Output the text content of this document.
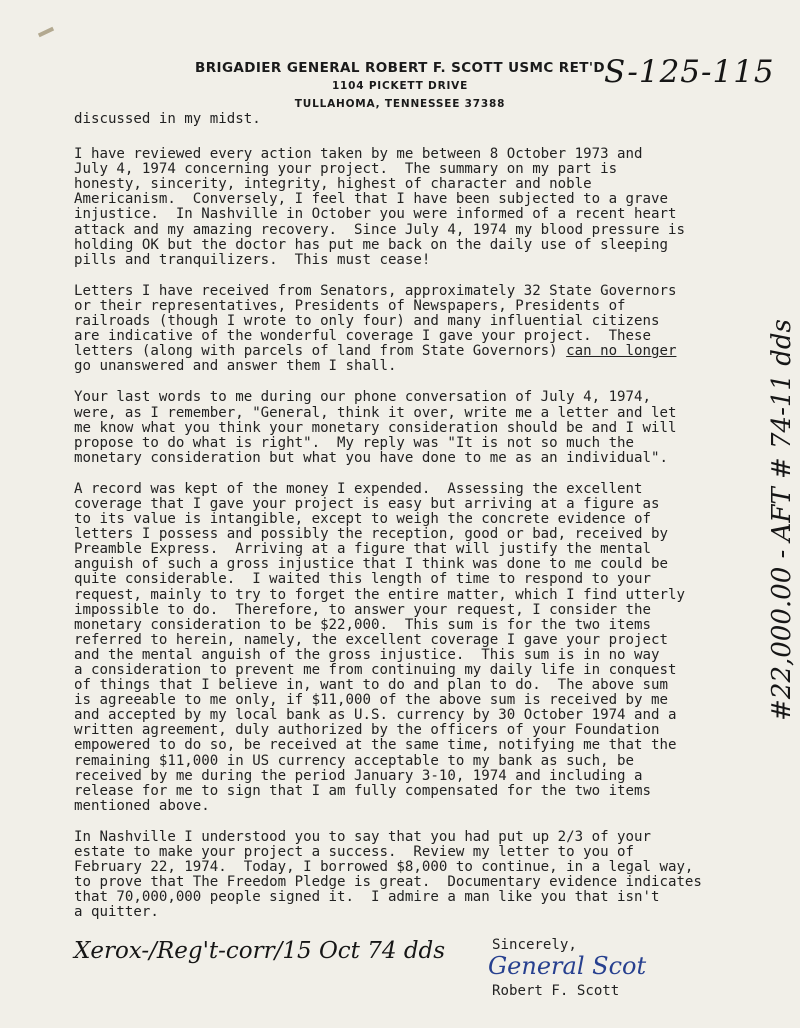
BRIGADIER GENERAL ROBERT F. SCOTT USMC RET'D
1104 PICKETT DRIVE
TULLAHOMA, TENNESSEE 37388
S-125-115
#22,000.00 - AFT # 74-11 dds

discussed in my midst.

I have reviewed every action taken by me between 8 October 1973 and
July 4, 1974 concerning your project.  The summary on my part is
honesty, sincerity, integrity, highest of character and noble
Americanism.  Conversely, I feel that I have been subjected to a grave
injustice.  In Nashville in October you were informed of a recent heart
attack and my amazing recovery.  Since July 4, 1974 my blood pressure is
holding OK but the doctor has put me back on the daily use of sleeping
pills and tranquilizers.  This must cease!

Letters I have received from Senators, approximately 32 State Governors
or their representatives, Presidents of Newspapers, Presidents of
railroads (though I wrote to only four) and many influential citizens
are indicative of the wonderful coverage I gave your project.  These
letters (along with parcels of land from State Governors) can no longer
go unanswered and answer them I shall.

Your last words to me during our phone conversation of July 4, 1974,
were, as I remember, "General, think it over, write me a letter and let
me know what you think your monetary consideration should be and I will
propose to do what is right".  My reply was "It is not so much the
monetary consideration but what you have done to me as an individual".

A record was kept of the money I expended.  Assessing the excellent
coverage that I gave your project is easy but arriving at a figure as
to its value is intangible, except to weigh the concrete evidence of
letters I possess and possibly the reception, good or bad, received by
Preamble Express.  Arriving at a figure that will justify the mental
anguish of such a gross injustice that I think was done to me could be
quite considerable.  I waited this length of time to respond to your
request, mainly to try to forget the entire matter, which I find utterly
impossible to do.  Therefore, to answer your request, I consider the
monetary consideration to be $22,000.  This sum is for the two items
referred to herein, namely, the excellent coverage I gave your project
and the mental anguish of the gross injustice.  This sum is in no way
a consideration to prevent me from continuing my daily life in conquest
of things that I believe in, want to do and plan to do.  The above sum
is agreeable to me only, if $11,000 of the above sum is received by me
and accepted by my local bank as U.S. currency by 30 October 1974 and a
written agreement, duly authorized by the officers of your Foundation
empowered to do so, be received at the same time, notifying me that the
remaining $11,000 in US currency acceptable to my bank as such, be
received by me during the period January 3-10, 1974 and including a
release for me to sign that I am fully compensated for the two items
mentioned above.

In Nashville I understood you to say that you had put up 2/3 of your
estate to make your project a success.  Review my letter to you of
February 22, 1974.  Today, I borrowed $8,000 to continue, in a legal way,
to prove that The Freedom Pledge is great.  Documentary evidence indicates
that 70,000,000 people signed it.  I admire a man like you that isn't
a quitter.

Sincerely,
Robert F. Scott
General Scot
Xerox-/Reg't-corr/15 Oct 74 dds
